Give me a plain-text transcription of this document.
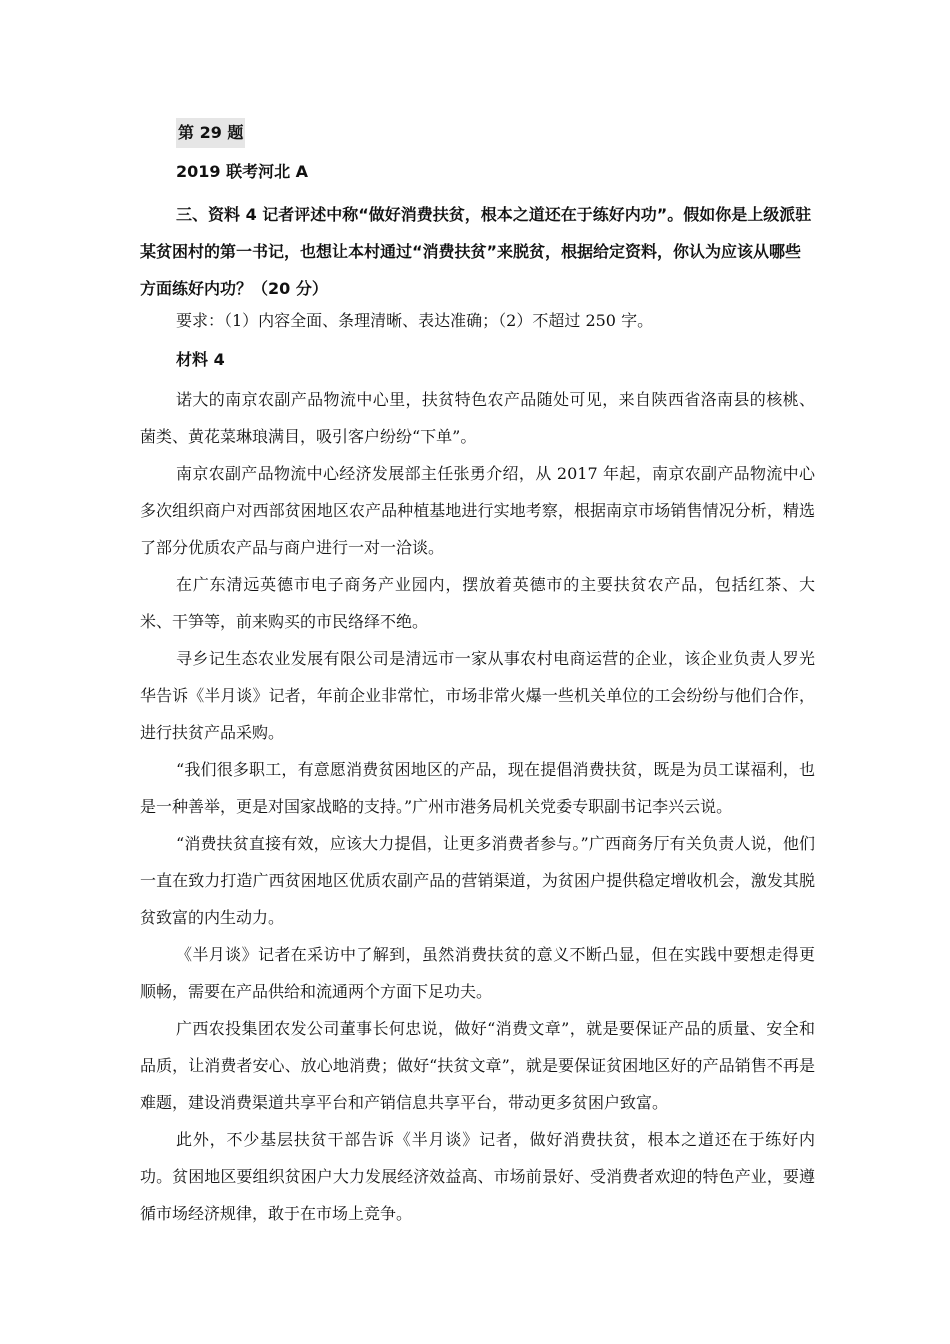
第 29 题
2019 联考河北 A
三、资料 4 记者评述中称“做好消费扶贫，根本之道还在于练好内功”。假如你是上级派驻某贫困村的第一书记，也想让本村通过“消费扶贫”来脱贫，根据给定资料，你认为应该从哪些方面练好内功？（20 分）
要求：（1）内容全面、条理清晰、表达准确；（2）不超过 250 字。
材料 4

诺大的南京农副产品物流中心里，扶贫特色农产品随处可见，来自陕西省洛南县的核桃、菌类、黄花菜琳琅满目，吸引客户纷纷“下单”。

南京农副产品物流中心经济发展部主任张勇介绍，从 2017 年起，南京农副产品物流中心多次组织商户对西部贫困地区农产品种植基地进行实地考察，根据南京市场销售情况分析，精选了部分优质农产品与商户进行一对一洽谈。

在广东清远英德市电子商务产业园内，摆放着英德市的主要扶贫农产品，包括红茶、大米、干笋等，前来购买的市民络绎不绝。

寻乡记生态农业发展有限公司是清远市一家从事农村电商运营的企业，该企业负责人罗光华告诉《半月谈》记者，年前企业非常忙，市场非常火爆一些机关单位的工会纷纷与他们合作，进行扶贫产品采购。

“我们很多职工，有意愿消费贫困地区的产品，现在提倡消费扶贫，既是为员工谋福利，也是一种善举，更是对国家战略的支持。”广州市港务局机关党委专职副书记李兴云说。

“消费扶贫直接有效，应该大力提倡，让更多消费者参与。”广西商务厅有关负责人说，他们一直在致力打造广西贫困地区优质农副产品的营销渠道，为贫困户提供稳定增收机会，激发其脱贫致富的内生动力。

《半月谈》记者在采访中了解到，虽然消费扶贫的意义不断凸显，但在实践中要想走得更顺畅，需要在产品供给和流通两个方面下足功夫。

广西农投集团农发公司董事长何忠说，做好“消费文章”，就是要保证产品的质量、安全和品质，让消费者安心、放心地消费；做好“扶贫文章”，就是要保证贫困地区好的产品销售不再是难题，建设消费渠道共享平台和产销信息共享平台，带动更多贫困户致富。

此外，不少基层扶贫干部告诉《半月谈》记者，做好消费扶贫，根本之道还在于练好内功。贫困地区要组织贫困户大力发展经济效益高、市场前景好、受消费者欢迎的特色产业，要遵循市场经济规律，敢于在市场上竞争。
